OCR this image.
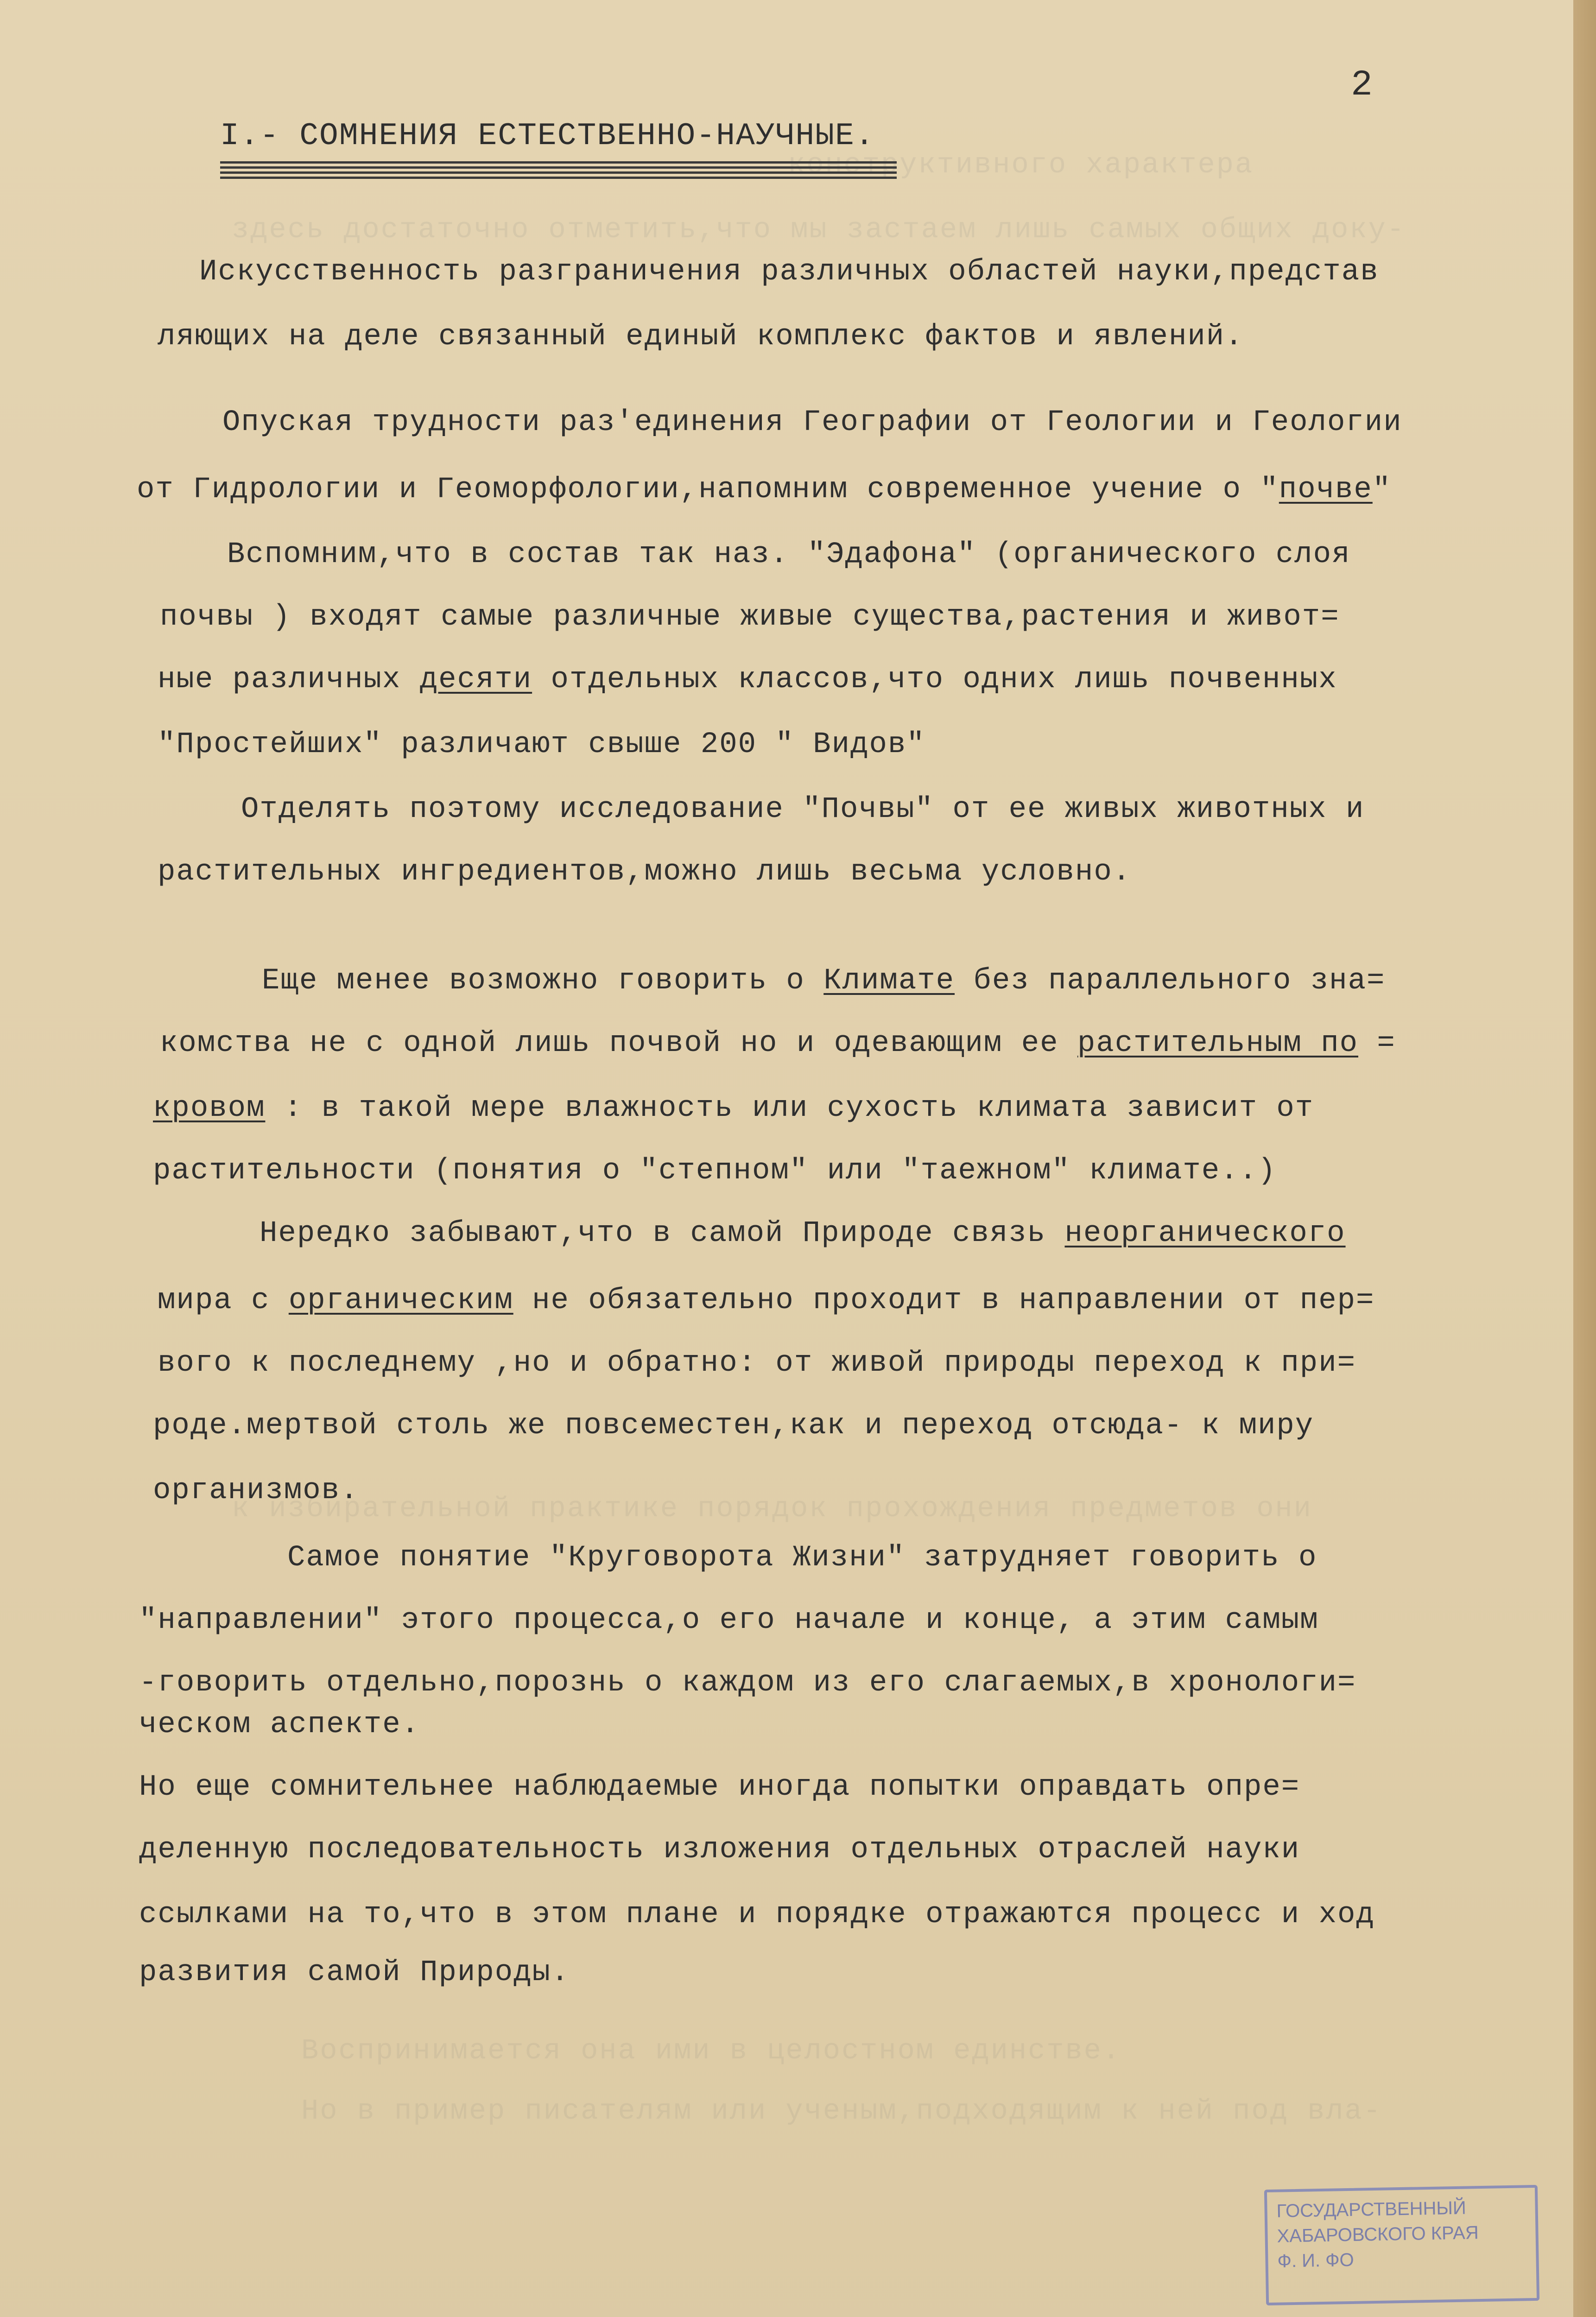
конструктивного характера
здесь достаточно отметить,что мы застаем лишь самых общих доку-
к избирательной практике порядок прохождения предметов они
Воспринимается она ими в целостном единстве.
Но в пример писателям или ученым,подходящим к ней под вла-
2
I.- СОМНЕНИЯ ЕСТЕСТВЕННО-НАУЧНЫЕ.
Искусственность разграничения различных областей науки,представ
ляющих на деле связанный единый комплекс фактов и явлений.
Опуская трудности раз'единения Географии от Геологии и Геологии
от Гидрологии и Геоморфологии,напомним современное учение о "почве"
Вспомним,что в состав так наз. "Эдафона" (органического слоя
почвы ) входят самые различные живые существа,растения и живот=
ные различных десяти отдельных классов,что одних лишь почвенных
"Простейших" различают свыше 200 " Видов"
Отделять поэтому исследование "Почвы" от ее живых животных и
растительных ингредиентов,можно лишь весьма условно.
Еще менее возможно говорить о Климате без параллельного зна=
комства не с одной лишь почвой но и одевающим ее растительным по =
кровом : в такой мере влажность или сухость климата зависит от
растительности (понятия о "степном" или "таежном" климате..)
Нередко забывают,что в самой Природе связь неорганического
мира с органическим не обязательно проходит в направлении от пер=
вого к последнему ,но и обратно: от живой природы переход к при=
роде.мертвой столь же повсеместен,как и переход отсюда- к миру
организмов.
Самое понятие "Круговорота Жизни" затрудняет говорить о
"направлении" этого процесса,о его начале и конце, а этим самым
-говорить отдельно,порознь о каждом из его слагаемых,в хронологи=
ческом аспекте.
Но еще сомнительнее наблюдаемые иногда попытки оправдать опре=
деленную последовательность изложения отдельных отраслей науки
ссылками на то,что в этом плане и порядке отражаются процесс и ход
развития самой Природы.
ГОСУДАРСТВЕННЫЙ
ХАБАРОВСКОГО КРАЯ
Ф. И. ФО
